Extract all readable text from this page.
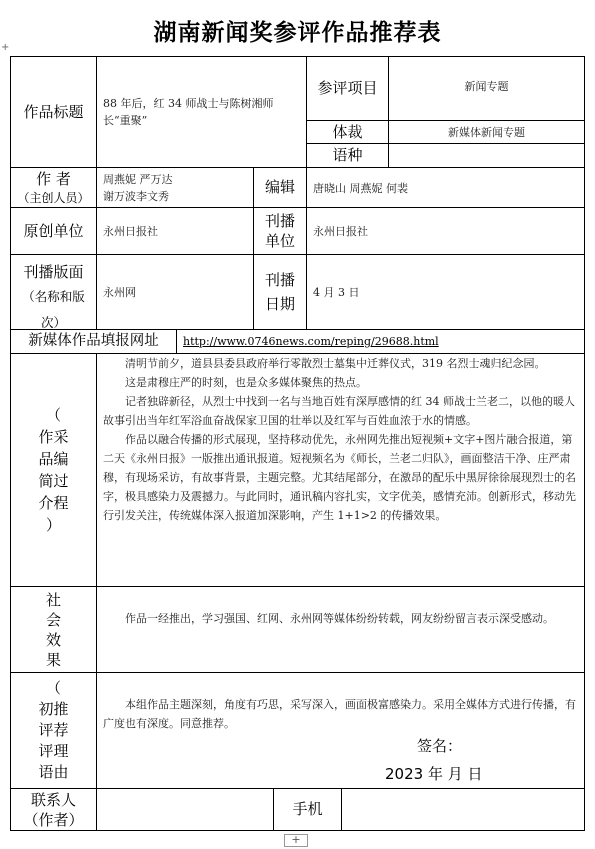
+
湖南新闻奖参评作品推荐表
作品标题 88 年后，红 34 师战士与陈树湘师长“重聚”
参评项目	新闻专题
体裁	新媒体新闻专题
语种
作 者
（主创人员）
周燕妮 严万达
谢万波李文秀
编辑 唐晓山 周燕妮 何裴
原创单位 永州日报社
刊播
单位
永州日报社
刊播版面
（名称和版次）
永州网
刊播
日期
4 月 3 日
新媒体作品填报网址 http://www.0746news.com/reping/29688.html
（
作采
品编
简过
介程
）

清明节前夕，道县县委县政府举行零散烈士墓集中迁葬仪式，319 名烈士魂归纪念园。

这是肃穆庄严的时刻，也是众多媒体聚焦的热点。

记者独辟新径，从烈士中找到一名与当地百姓有深厚感情的红 34 师战士兰老二，以他的暖人故事引出当年红军浴血奋战保家卫国的壮举以及红军与百姓血浓于水的情感。

作品以融合传播的形式展现，坚持移动优先，永州网先推出短视频+文字+图片融合报道，第二天《永州日报》一版推出通讯报道。短视频名为《师长，兰老二归队》，画面整洁干净、庄严肃穆，有现场采访，有故事背景，主题完整。尤其结尾部分，在激昂的配乐中黑屏徐徐展现烈士的名字，极具感染力及震撼力。与此同时，通讯稿内容扎实，文字优美，感情充沛。创新形式，移动先行引发关注，传统媒体深入报道加深影响，产生 1+1>2 的传播效果。

社
会
效
果

作品一经推出，学习强国、红网、永州网等媒体纷纷转载，网友纷纷留言表示深受感动。

（
初推
评荐
评理
语由

本组作品主题深刻，角度有巧思，采写深入，画面极富感染力。采用全媒体方式进行传播，有广度也有深度。同意推荐。

签名：
2023 年 月 日
联系人
（作者）
手机
+
